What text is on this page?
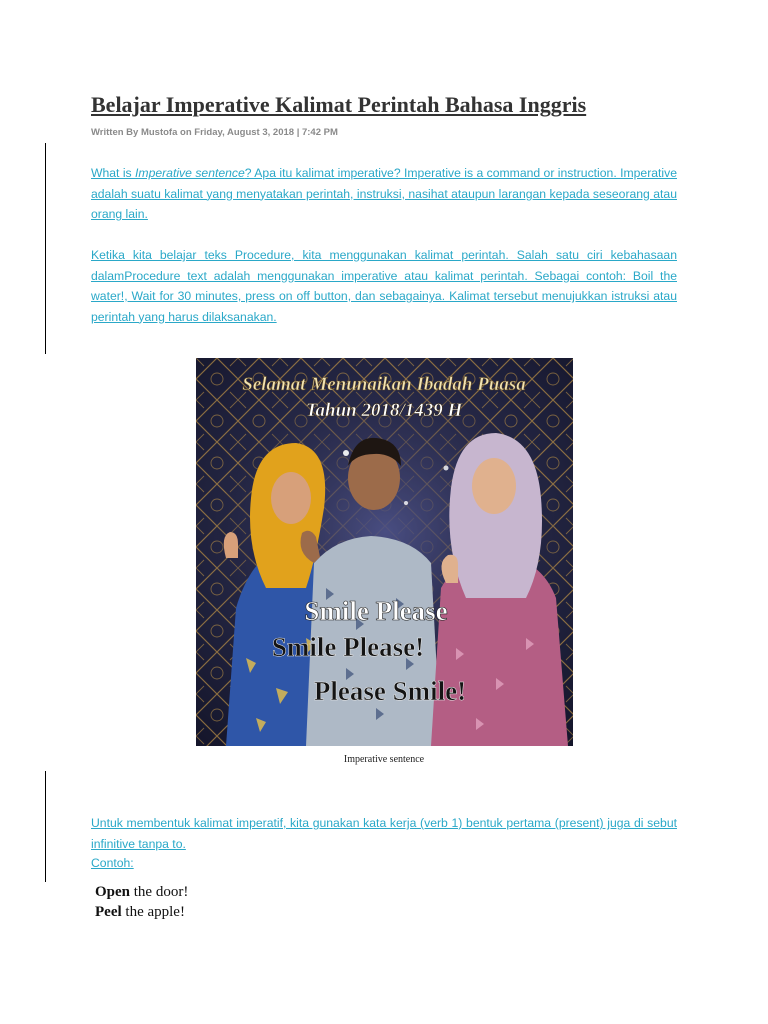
Belajar Imperative Kalimat Perintah Bahasa Inggris
Written By Mustofa on Friday, August 3, 2018 | 7:42 PM

What is Imperative sentence? Apa itu kalimat imperative? Imperative is a command or instruction. Imperative adalah suatu kalimat yang menyatakan perintah, instruksi, nasihat ataupun larangan kepada seseorang atau orang lain.

Ketika kita belajar teks Procedure, kita menggunakan kalimat perintah. Salah satu ciri kebahasaan dalamProcedure text adalah menggunakan imperative atau kalimat perintah. Sebagai contoh: Boil the water!, Wait for 30 minutes, press on off button, dan sebagainya. Kalimat tersebut menujukkan istruksi atau perintah yang harus dilaksanakan.

Selamat Menunaikan Ibadah Puasa
Tahun 2018/1439 H
Smile Please
Smile Please!
Please Smile!
Imperative sentence

Untuk membentuk kalimat imperatif, kita gunakan kata kerja (verb 1) bentuk pertama (present) juga di sebut infinitive tanpa to.

Contoh:

Open the door!
Peel the apple!
